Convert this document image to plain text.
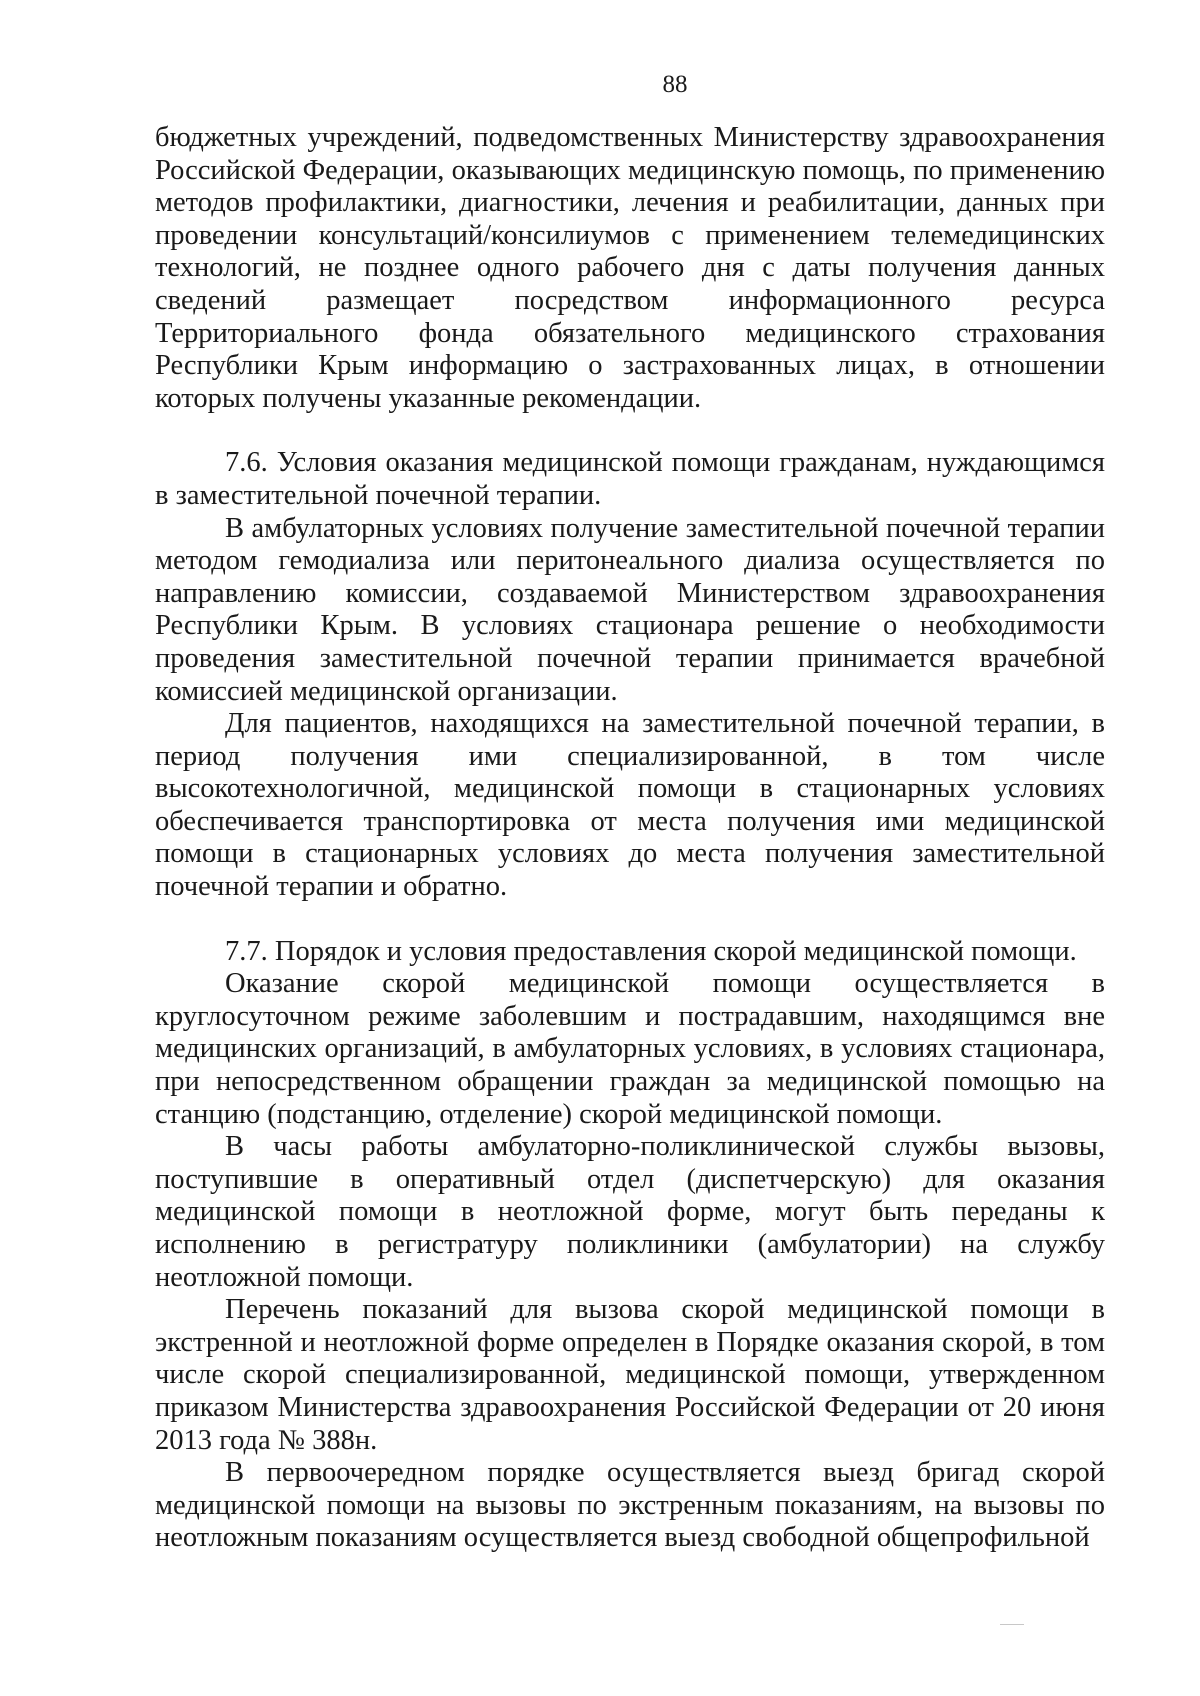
88

бюджетных учреждений, подведомственных Министерству здравоохранения Российской Федерации, оказывающих медицинскую помощь, по применению методов профилактики, диагностики, лечения и реабилитации, данных при проведении консультаций/консилиумов с применением телемедицинских технологий, не позднее одного рабочего дня с даты получения данных сведений размещает посредством информационного ресурса Территориального фонда обязательного медицинского страхования Республики Крым информацию о застрахованных лицах, в отношении которых получены указанные рекомендации.

7.6. Условия оказания медицинской помощи гражданам, нуждающимся в заместительной почечной терапии.

В амбулаторных условиях получение заместительной почечной терапии методом гемодиализа или перитонеального диализа осуществляется по направлению комиссии, создаваемой Министерством здравоохранения Республики Крым. В условиях стационара решение о необходимости проведения заместительной почечной терапии принимается врачебной комиссией медицинской организации.

Для пациентов, находящихся на заместительной почечной терапии, в период получения ими специализированной, в том числе высокотехнологичной, медицинской помощи в стационарных условиях обеспечивается транспортировка от места получения ими медицинской помощи в стационарных условиях до места получения заместительной почечной терапии и обратно.

7.7. Порядок и условия предоставления скорой медицинской помощи.

Оказание скорой медицинской помощи осуществляется в круглосуточном режиме заболевшим и пострадавшим, находящимся вне медицинских организаций, в амбулаторных условиях, в условиях стационара, при непосредственном обращении граждан за медицинской помощью на станцию (подстанцию, отделение) скорой медицинской помощи.

В часы работы амбулаторно-поликлинической службы вызовы, поступившие в оперативный отдел (диспетчерскую) для оказания медицинской помощи в неотложной форме, могут быть переданы к исполнению в регистратуру поликлиники (амбулатории) на службу неотложной помощи.

Перечень показаний для вызова скорой медицинской помощи в экстренной и неотложной форме определен в Порядке оказания скорой, в том числе скорой специализированной, медицинской помощи, утвержденном приказом Министерства здравоохранения Российской Федерации от 20 июня 2013 года № 388н.

В первоочередном порядке осуществляется выезд бригад скорой медицинской помощи на вызовы по экстренным показаниям, на вызовы по неотложным показаниям осуществляется выезд свободной общепрофильной
